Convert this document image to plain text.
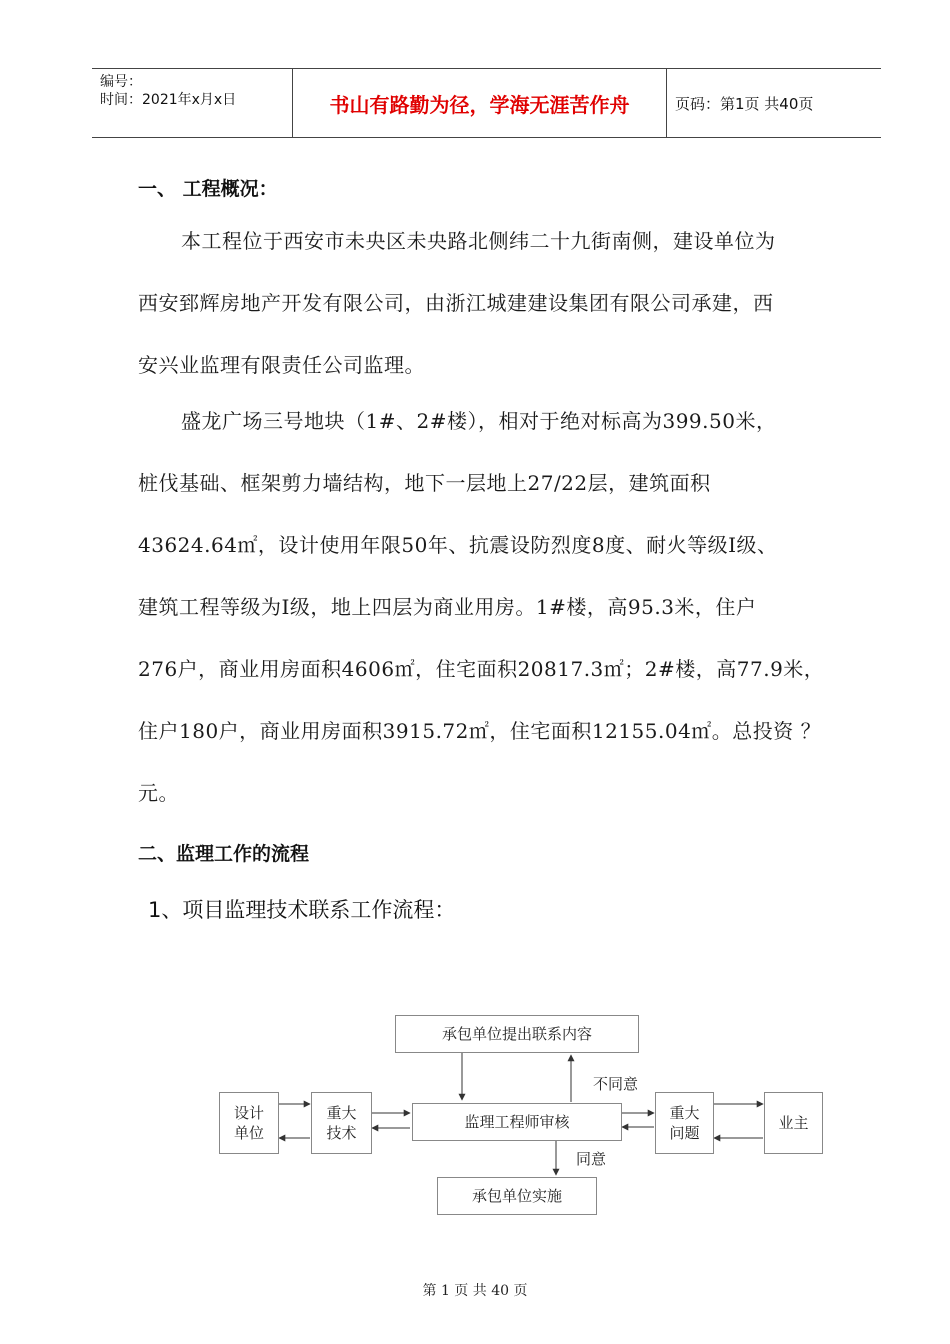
编号：
时间：2021年x月x日	书山有路勤为径，学海无涯苦作舟	页码：第1页 共40页
一、 工程概况：
本工程位于西安市未央区未央路北侧纬二十九街南侧，建设单位为
西安郅辉房地产开发有限公司，由浙江城建建设集团有限公司承建，西
安兴业监理有限责任公司监理。
盛龙广场三号地块（1#、2#楼），相对于绝对标高为399.50米，
桩伐基础、框架剪力墙结构，地下一层地上27/22层，建筑面积
43624.64㎡，设计使用年限50年、抗震设防烈度8度、耐火等级Ⅰ级、
建筑工程等级为Ⅰ级，地上四层为商业用房。1#楼，高95.3米，住户
276户，商业用房面积4606㎡，住宅面积20817.3㎡；2#楼，高77.9米，
住户180户，商业用房面积3915.72㎡，住宅面积12155.04㎡。总投资 ？
元。
二、监理工作的流程
1、项目监理技术联系工作流程：
承包单位提出联系内容
设计
单位
重大
技术
监理工程师审核	重大
问题
业主
承包单位实施
不同意
同意
第 1 页 共 40 页
